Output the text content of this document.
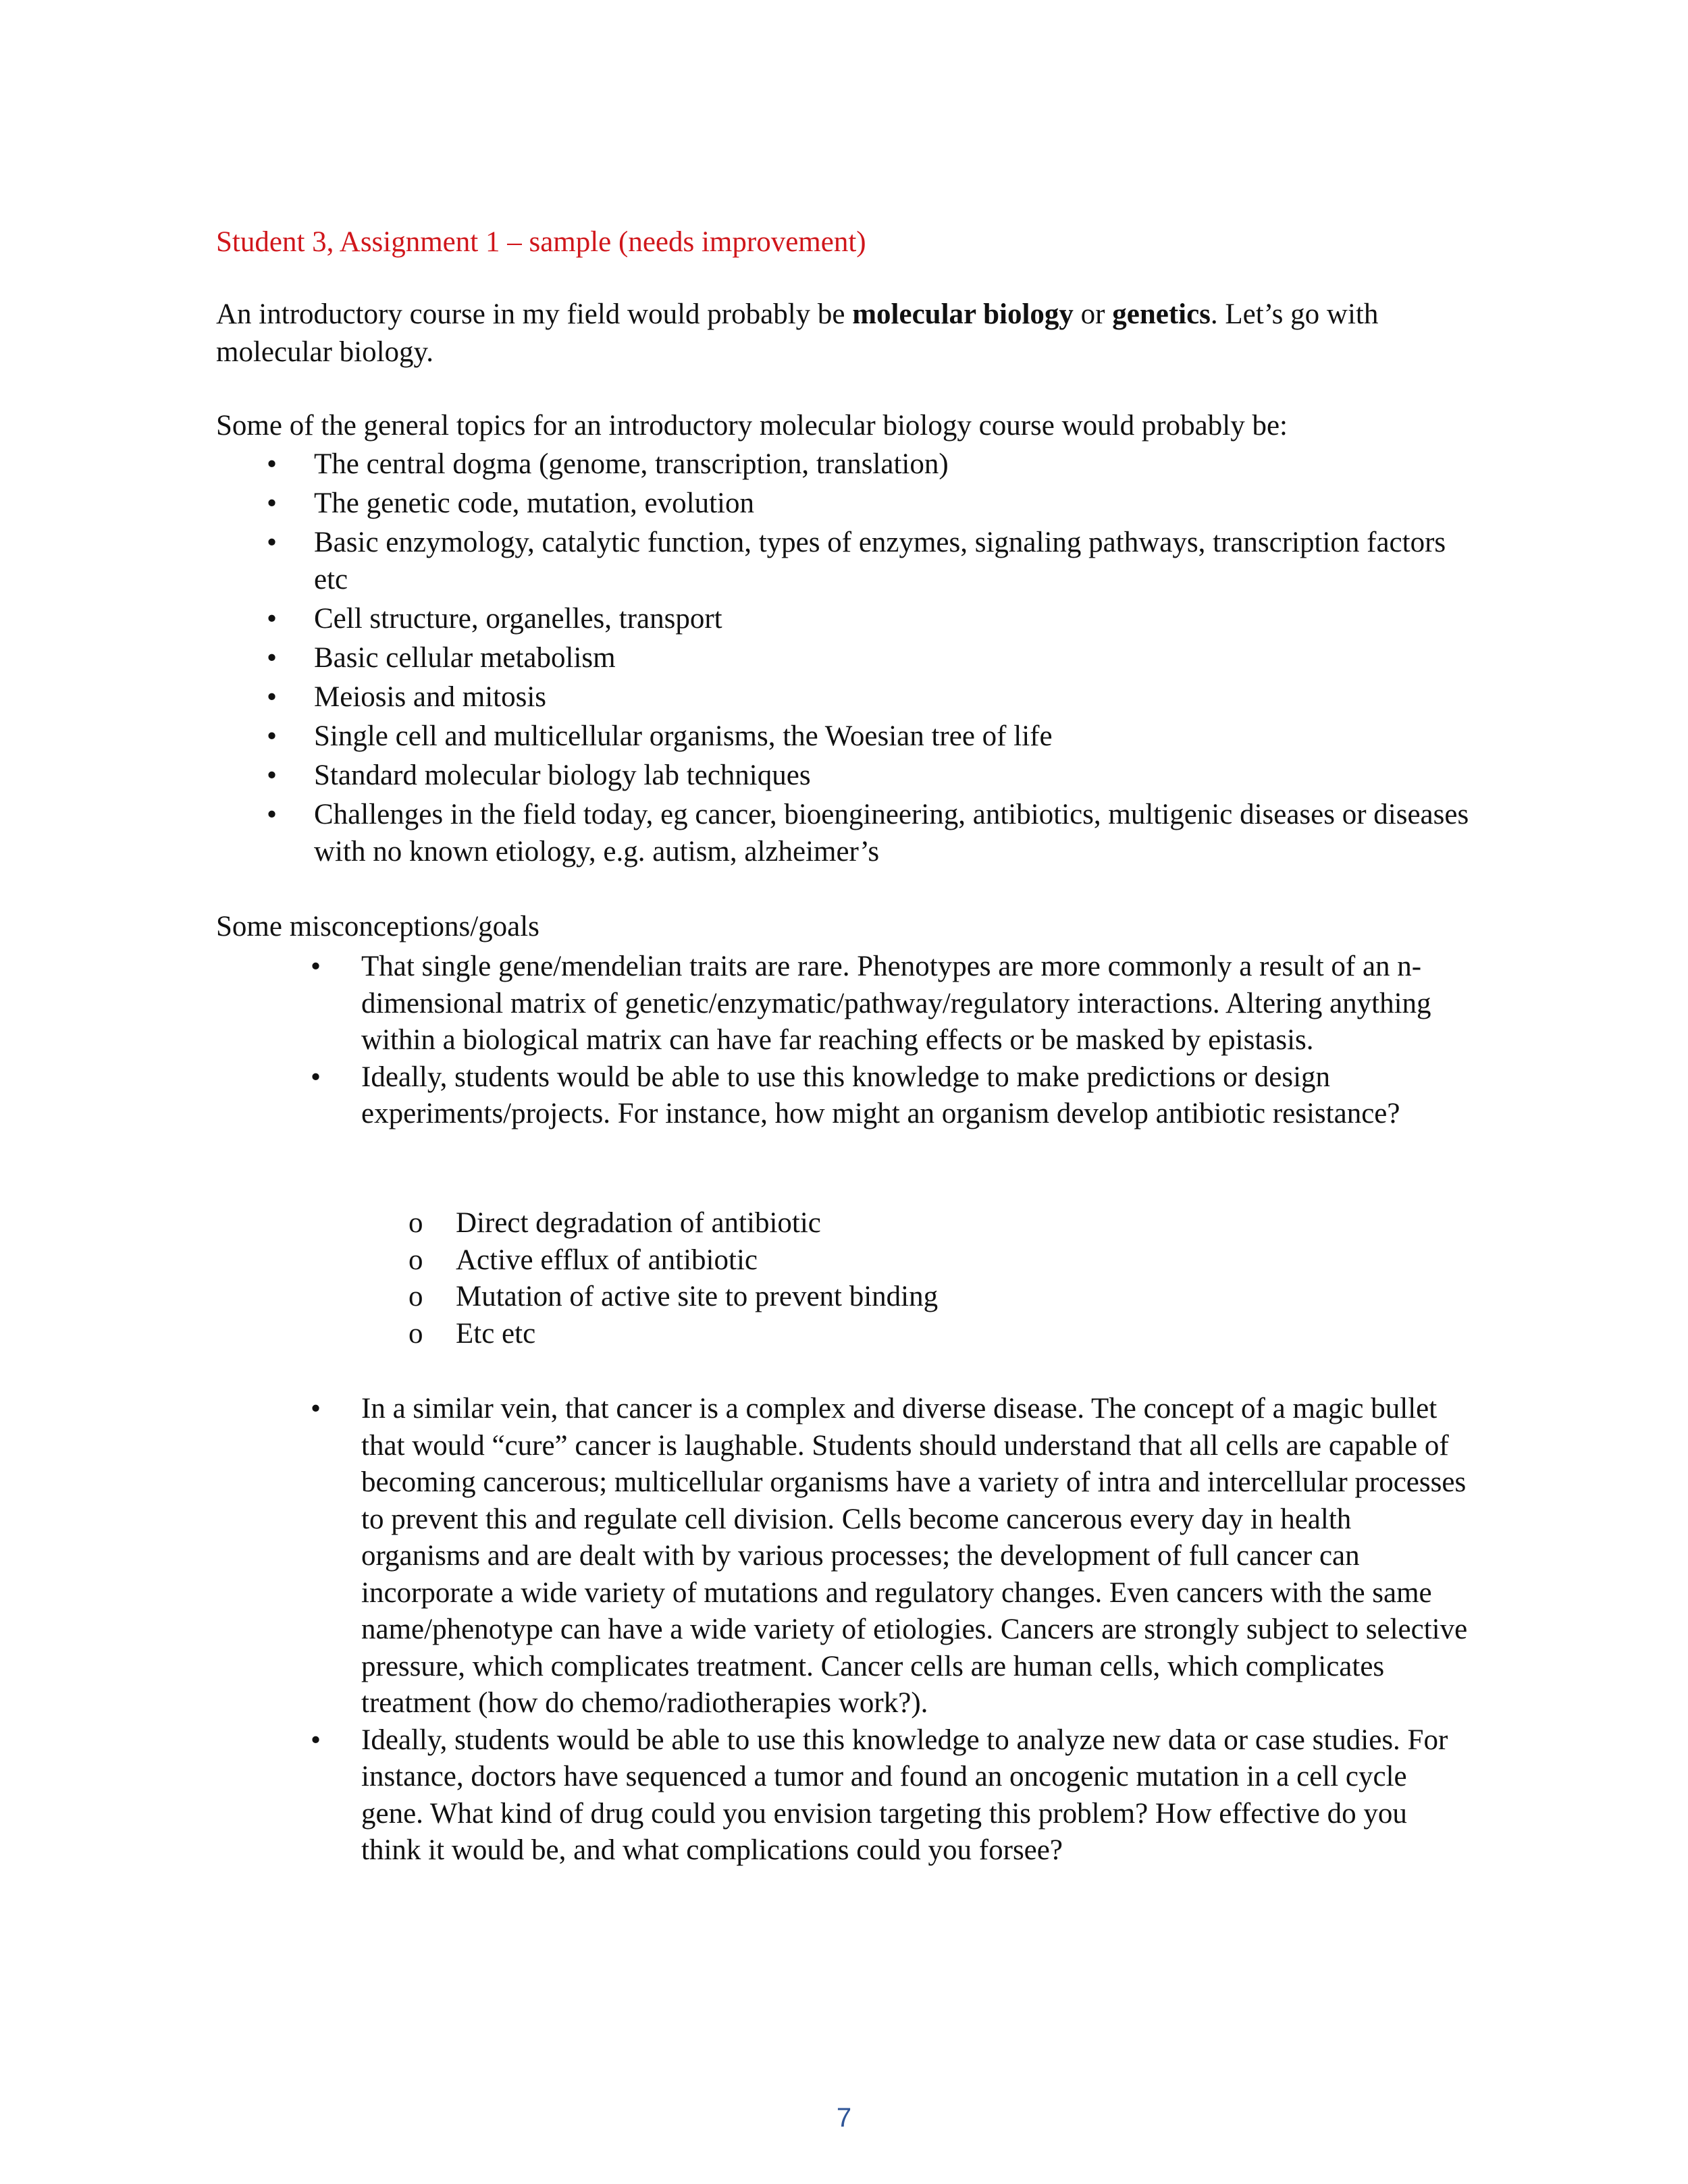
Student 3, Assignment 1 – sample (needs improvement)
An introductory course in my field would probably be molecular biology or genetics. Let’s go with molecular biology.
Some of the general topics for an introductory molecular biology course would probably be:
• The central dogma (genome, transcription, translation)
• The genetic code, mutation, evolution
• Basic enzymology, catalytic function, types of enzymes, signaling pathways, transcription factors etc
• Cell structure, organelles, transport
• Basic cellular metabolism
• Meiosis and mitosis
• Single cell and multicellular organisms, the Woesian tree of life
• Standard molecular biology lab techniques
• Challenges in the field today, eg cancer, bioengineering, antibiotics, multigenic diseases or diseases with no known etiology, e.g. autism, alzheimer’s
Some misconceptions/goals
• That single gene/mendelian traits are rare. Phenotypes are more commonly a result of an n-dimensional matrix of genetic/enzymatic/pathway/regulatory interactions. Altering anything within a biological matrix can have far reaching effects or be masked by epistasis.
• Ideally, students would be able to use this knowledge to make predictions or design experiments/projects. For instance, how might an organism develop antibiotic resistance?
o Direct degradation of antibiotic
o Active efflux of antibiotic
o Mutation of active site to prevent binding
o Etc etc
• In a similar vein, that cancer is a complex and diverse disease. The concept of a magic bullet that would “cure” cancer is laughable. Students should understand that all cells are capable of becoming cancerous; multicellular organisms have a variety of intra and intercellular processes to prevent this and regulate cell division. Cells become cancerous every day in health organisms and are dealt with by various processes; the development of full cancer can incorporate a wide variety of mutations and regulatory changes. Even cancers with the same name/phenotype can have a wide variety of etiologies. Cancers are strongly subject to selective pressure, which complicates treatment. Cancer cells are human cells, which complicates treatment (how do chemo/radiotherapies work?).
• Ideally, students would be able to use this knowledge to analyze new data or case studies. For instance, doctors have sequenced a tumor and found an oncogenic mutation in a cell cycle gene. What kind of drug could you envision targeting this problem? How effective do you think it would be, and what complications could you forsee?
7
